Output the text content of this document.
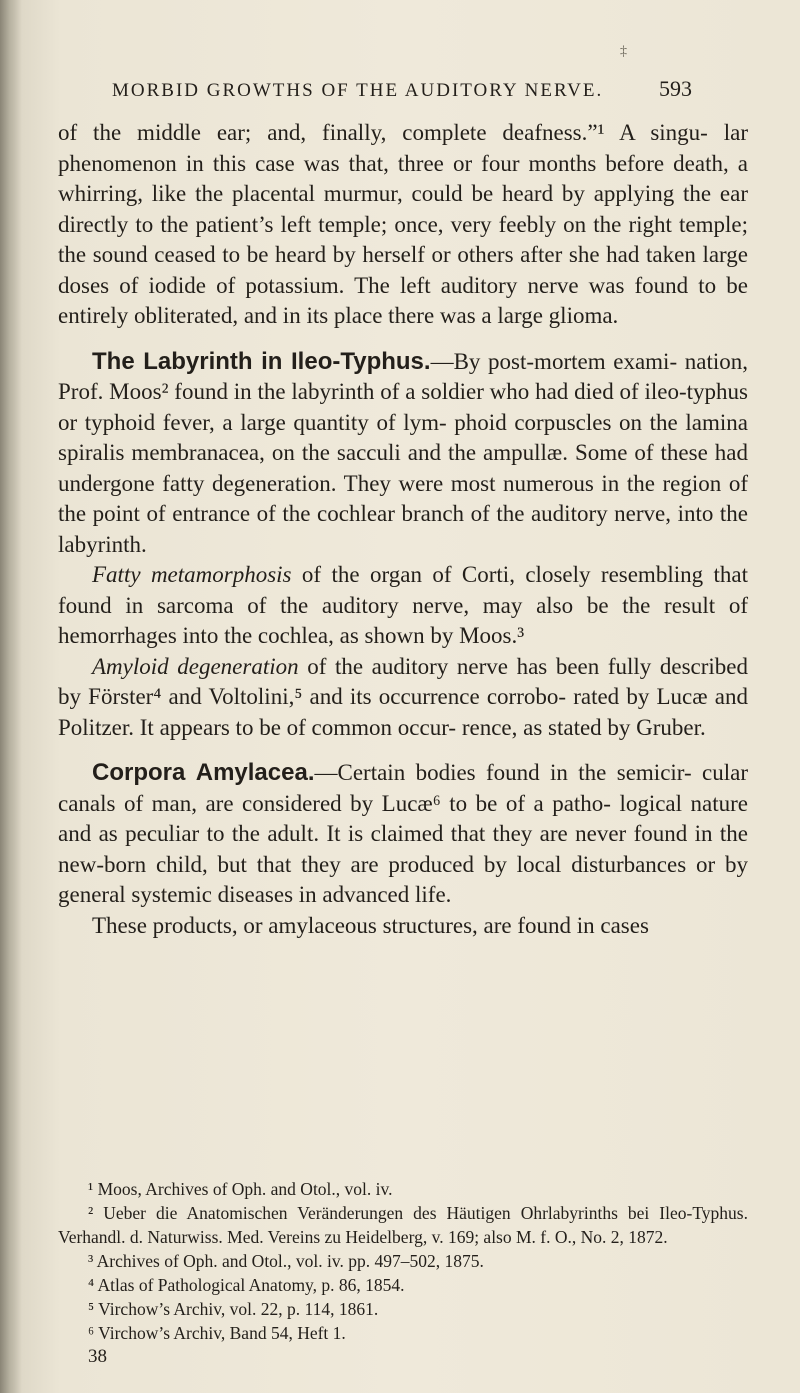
‡
MORBID GROWTHS OF THE AUDITORY NERVE.	593

of the middle ear; and, finally, complete deafness.”¹ A singu- lar phenomenon in this case was that, three or four months before death, a whirring, like the placental murmur, could be heard by applying the ear directly to the patient’s left temple; once, very feebly on the right temple; the sound ceased to be heard by herself or others after she had taken large doses of iodide of potassium. The left auditory nerve was found to be entirely obliterated, and in its place there was a large glioma.

The Labyrinth in Ileo-Typhus.—By post-mortem exami- nation, Prof. Moos² found in the labyrinth of a soldier who had died of ileo-typhus or typhoid fever, a large quantity of lym- phoid corpuscles on the lamina spiralis membranacea, on the sacculi and the ampullæ. Some of these had undergone fatty degeneration. They were most numerous in the region of the point of entrance of the cochlear branch of the auditory nerve, into the labyrinth.

Fatty metamorphosis of the organ of Corti, closely resembling that found in sarcoma of the auditory nerve, may also be the result of hemorrhages into the cochlea, as shown by Moos.³

Amyloid degeneration of the auditory nerve has been fully described by Förster⁴ and Voltolini,⁵ and its occurrence corrobo- rated by Lucæ and Politzer. It appears to be of common occur- rence, as stated by Gruber.

Corpora Amylacea.—Certain bodies found in the semicir- cular canals of man, are considered by Lucæ⁶ to be of a patho- logical nature and as peculiar to the adult. It is claimed that they are never found in the new-born child, but that they are produced by local disturbances or by general systemic diseases in advanced life.

These products, or amylaceous structures, are found in cases

¹ Moos, Archives of Oph. and Otol., vol. iv.

² Ueber die Anatomischen Veränderungen des Häutigen Ohrlabyrinths bei Ileo-Typhus. Verhandl. d. Naturwiss. Med. Vereins zu Heidelberg, v. 169; also M. f. O., No. 2, 1872.

³ Archives of Oph. and Otol., vol. iv. pp. 497–502, 1875.

⁴ Atlas of Pathological Anatomy, p. 86, 1854.

⁵ Virchow’s Archiv, vol. 22, p. 114, 1861.

⁶ Virchow’s Archiv, Band 54, Heft 1.

38
